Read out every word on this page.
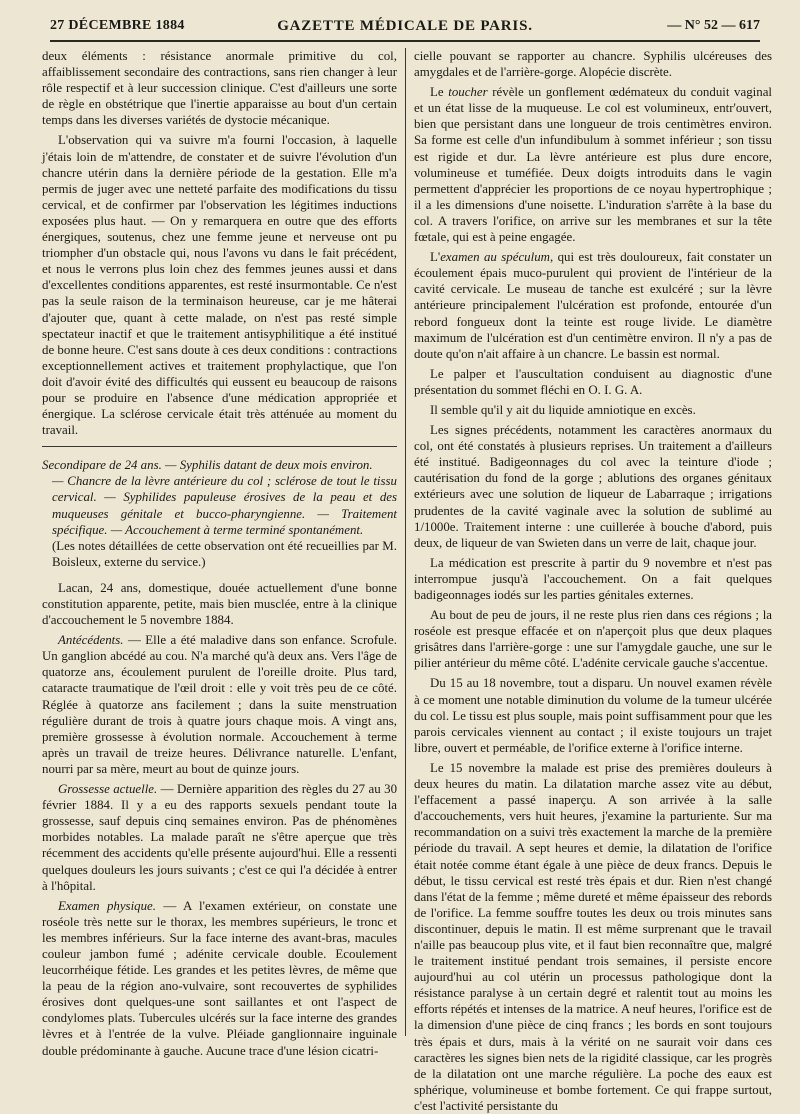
27 DÉCEMBRE 1884	GAZETTE MÉDICALE DE PARIS.	— N° 52 — 617

deux éléments : résistance anormale primitive du col, affaiblissement secondaire des contractions, sans rien changer à leur rôle respectif et à leur succession clinique. C'est d'ailleurs une sorte de règle en obstétrique que l'inertie apparaisse au bout d'un certain temps dans les diverses variétés de dystocie mécanique.

L'observation qui va suivre m'a fourni l'occasion, à laquelle j'étais loin de m'attendre, de constater et de suivre l'évolution d'un chancre utérin dans la dernière période de la gestation. Elle m'a permis de juger avec une netteté parfaite des modifications du tissu cervical, et de confirmer par l'observation les légitimes inductions exposées plus haut. — On y remarquera en outre que des efforts énergiques, soutenus, chez une femme jeune et nerveuse ont pu triompher d'un obstacle qui, nous l'avons vu dans le fait précédent, et nous le verrons plus loin chez des femmes jeunes aussi et dans d'excellentes conditions apparentes, est resté insurmontable. Ce n'est pas la seule raison de la terminaison heureuse, car je me hâterai d'ajouter que, quant à cette malade, on n'est pas resté simple spectateur inactif et que le traitement antisyphilitique a été institué de bonne heure. C'est sans doute à ces deux conditions : contractions exceptionnellement actives et traitement prophylactique, que l'on doit d'avoir évité des difficultés qui eussent eu beaucoup de raisons pour se produire en l'absence d'une médication appropriée et énergique. La sclérose cervicale était très atténuée au moment du travail.

Secondipare de 24 ans. — Syphilis datant de deux mois environ.

— Chancre de la lèvre antérieure du col ; sclérose de tout le tissu cervical. — Syphilides papuleuse érosives de la peau et des muqueuses génitale et bucco-pharyngienne. — Traitement spécifique. — Accouchement à terme terminé spontanément.

(Les notes détaillées de cette observation ont été recueillies par M. Boisleux, externe du service.)

Lacan, 24 ans, domestique, douée actuellement d'une bonne constitution apparente, petite, mais bien musclée, entre à la clinique d'accouchement le 5 novembre 1884.

Antécédents. — Elle a été maladive dans son enfance. Scrofule. Un ganglion abcédé au cou. N'a marché qu'à deux ans. Vers l'âge de quatorze ans, écoulement purulent de l'oreille droite. Plus tard, cataracte traumatique de l'œil droit : elle y voit très peu de ce côté. Réglée à quatorze ans facilement ; dans la suite menstruation régulière durant de trois à quatre jours chaque mois. A vingt ans, première grossesse à évolution normale. Accouchement à terme après un travail de treize heures. Délivrance naturelle. L'enfant, nourri par sa mère, meurt au bout de quinze jours.

Grossesse actuelle. — Dernière apparition des règles du 27 au 30 février 1884. Il y a eu des rapports sexuels pendant toute la grossesse, sauf depuis cinq semaines environ. Pas de phénomènes morbides notables. La malade paraît ne s'être aperçue que très récemment des accidents qu'elle présente aujourd'hui. Elle a ressenti quelques douleurs les jours suivants ; c'est ce qui l'a décidée à entrer à l'hôpital.

Examen physique. — A l'examen extérieur, on constate une roséole très nette sur le thorax, les membres supérieurs, le tronc et les membres inférieurs. Sur la face interne des avant-bras, macules couleur jambon fumé ; adénite cervicale double. Ecoulement leucorrhéique fétide. Les grandes et les petites lèvres, de même que la peau de la région ano-vulvaire, sont recouvertes de syphilides érosives dont quelques-une sont saillantes et ont l'aspect de condylomes plats. Tubercules ulcérés sur la face interne des grandes lèvres et à l'entrée de la vulve. Pléiade ganglionnaire inguinale double prédominante à gauche. Aucune trace d'une lésion cicatri-

cielle pouvant se rapporter au chancre. Syphilis ulcéreuses des amygdales et de l'arrière-gorge. Alopécie discrète.

Le toucher révèle un gonflement œdémateux du conduit vaginal et un état lisse de la muqueuse. Le col est volumineux, entr'ouvert, bien que persistant dans une longueur de trois centimètres environ. Sa forme est celle d'un infundibulum à sommet inférieur ; son tissu est rigide et dur. La lèvre antérieure est plus dure encore, volumineuse et tuméfiée. Deux doigts introduits dans le vagin permettent d'apprécier les proportions de ce noyau hypertrophique ; il a les dimensions d'une noisette. L'induration s'arrête à la base du col. A travers l'orifice, on arrive sur les membranes et sur la tête fœtale, qui est à peine engagée.

L'examen au spéculum, qui est très douloureux, fait constater un écoulement épais muco-purulent qui provient de l'intérieur de la cavité cervicale. Le museau de tanche est exulcéré ; sur la lèvre antérieure principalement l'ulcération est profonde, entourée d'un rebord fongueux dont la teinte est rouge livide. Le diamètre maximum de l'ulcération est d'un centimètre environ. Il n'y a pas de doute qu'on n'ait affaire à un chancre. Le bassin est normal.

Le palper et l'auscultation conduisent au diagnostic d'une présentation du sommet fléchi en O. I. G. A.

Il semble qu'il y ait du liquide amniotique en excès.

Les signes précédents, notamment les caractères anormaux du col, ont été constatés à plusieurs reprises. Un traitement a d'ailleurs été institué. Badigeonnages du col avec la teinture d'iode ; cautérisation du fond de la gorge ; ablutions des organes génitaux extérieurs avec une solution de liqueur de Labarraque ; irrigations prudentes de la cavité vaginale avec la solution de sublimé au 1/1000e. Traitement interne : une cuillerée à bouche d'abord, puis deux, de liqueur de van Swieten dans un verre de lait, chaque jour.

La médication est prescrite à partir du 9 novembre et n'est pas interrompue jusqu'à l'accouchement. On a fait quelques badigeonnages iodés sur les parties génitales externes.

Au bout de peu de jours, il ne reste plus rien dans ces régions ; la roséole est presque effacée et on n'aperçoit plus que deux plaques grisâtres dans l'arrière-gorge : une sur l'amygdale gauche, une sur le pilier antérieur du même côté. L'adénite cervicale gauche s'accentue.

Du 15 au 18 novembre, tout a disparu. Un nouvel examen révèle à ce moment une notable diminution du volume de la tumeur ulcérée du col. Le tissu est plus souple, mais point suffisamment pour que les parois cervicales viennent au contact ; il existe toujours un trajet libre, ouvert et perméable, de l'orifice externe à l'orifice interne.

Le 15 novembre la malade est prise des premières douleurs à deux heures du matin. La dilatation marche assez vite au début, l'effacement a passé inaperçu. A son arrivée à la salle d'accouchements, vers huit heures, j'examine la parturiente. Sur ma recommandation on a suivi très exactement la marche de la première période du travail. A sept heures et demie, la dilatation de l'orifice était notée comme étant égale à une pièce de deux francs. Depuis le début, le tissu cervical est resté très épais et dur. Rien n'est changé dans l'état de la femme ; même dureté et même épaisseur des rebords de l'orifice. La femme souffre toutes les deux ou trois minutes sans discontinuer, depuis le matin. Il est même surprenant que le travail n'aille pas beaucoup plus vite, et il faut bien reconnaître que, malgré le traitement institué pendant trois semaines, il persiste encore aujourd'hui au col utérin un processus pathologique dont la résistance paralyse à un certain degré et ralentit tout au moins les efforts répétés et intenses de la matrice. A neuf heures, l'orifice est de la dimension d'une pièce de cinq francs ; les bords en sont toujours très épais et durs, mais à la vérité on ne saurait voir dans ces caractères les signes bien nets de la rigidité classique, car les progrès de la dilatation ont une marche régulière. La poche des eaux est sphérique, volumineuse et bombe fortement. Ce qui frappe surtout, c'est l'activité persistante du
